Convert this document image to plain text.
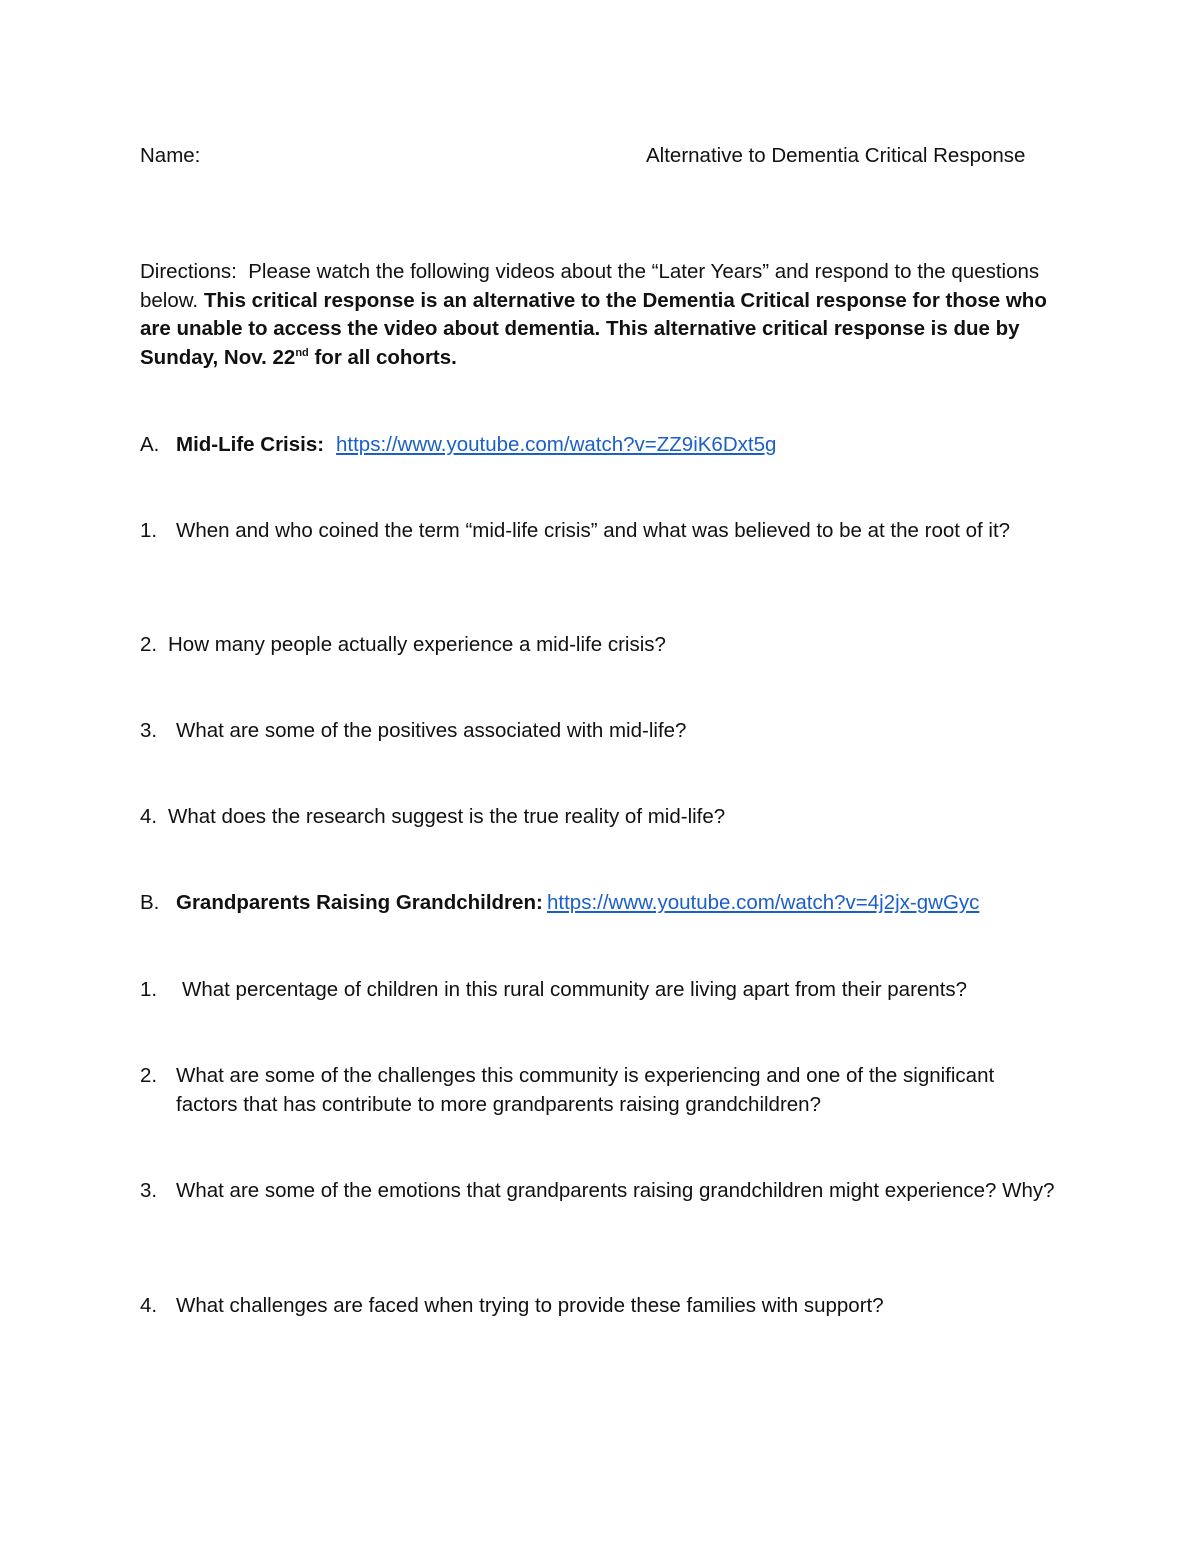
Name:	Alternative to Dementia Critical Response
Directions: Please watch the following videos about the “Later Years” and respond to the questions below. This critical response is an alternative to the Dementia Critical response for those who are unable to access the video about dementia. This alternative critical response is due by Sunday, Nov. 22nd for all cohorts.
A. Mid-Life Crisis: https://www.youtube.com/watch?v=ZZ9iK6Dxt5g
1. When and who coined the term “mid-life crisis” and what was believed to be at the root of it?
2. How many people actually experience a mid-life crisis?
3. What are some of the positives associated with mid-life?
4. What does the research suggest is the true reality of mid-life?
B. Grandparents Raising Grandchildren: https://www.youtube.com/watch?v=4j2jx-gwGyc
1. What percentage of children in this rural community are living apart from their parents?
2. What are some of the challenges this community is experiencing and one of the significant factors that has contribute to more grandparents raising grandchildren?
3. What are some of the emotions that grandparents raising grandchildren might experience? Why?
4. What challenges are faced when trying to provide these families with support?
